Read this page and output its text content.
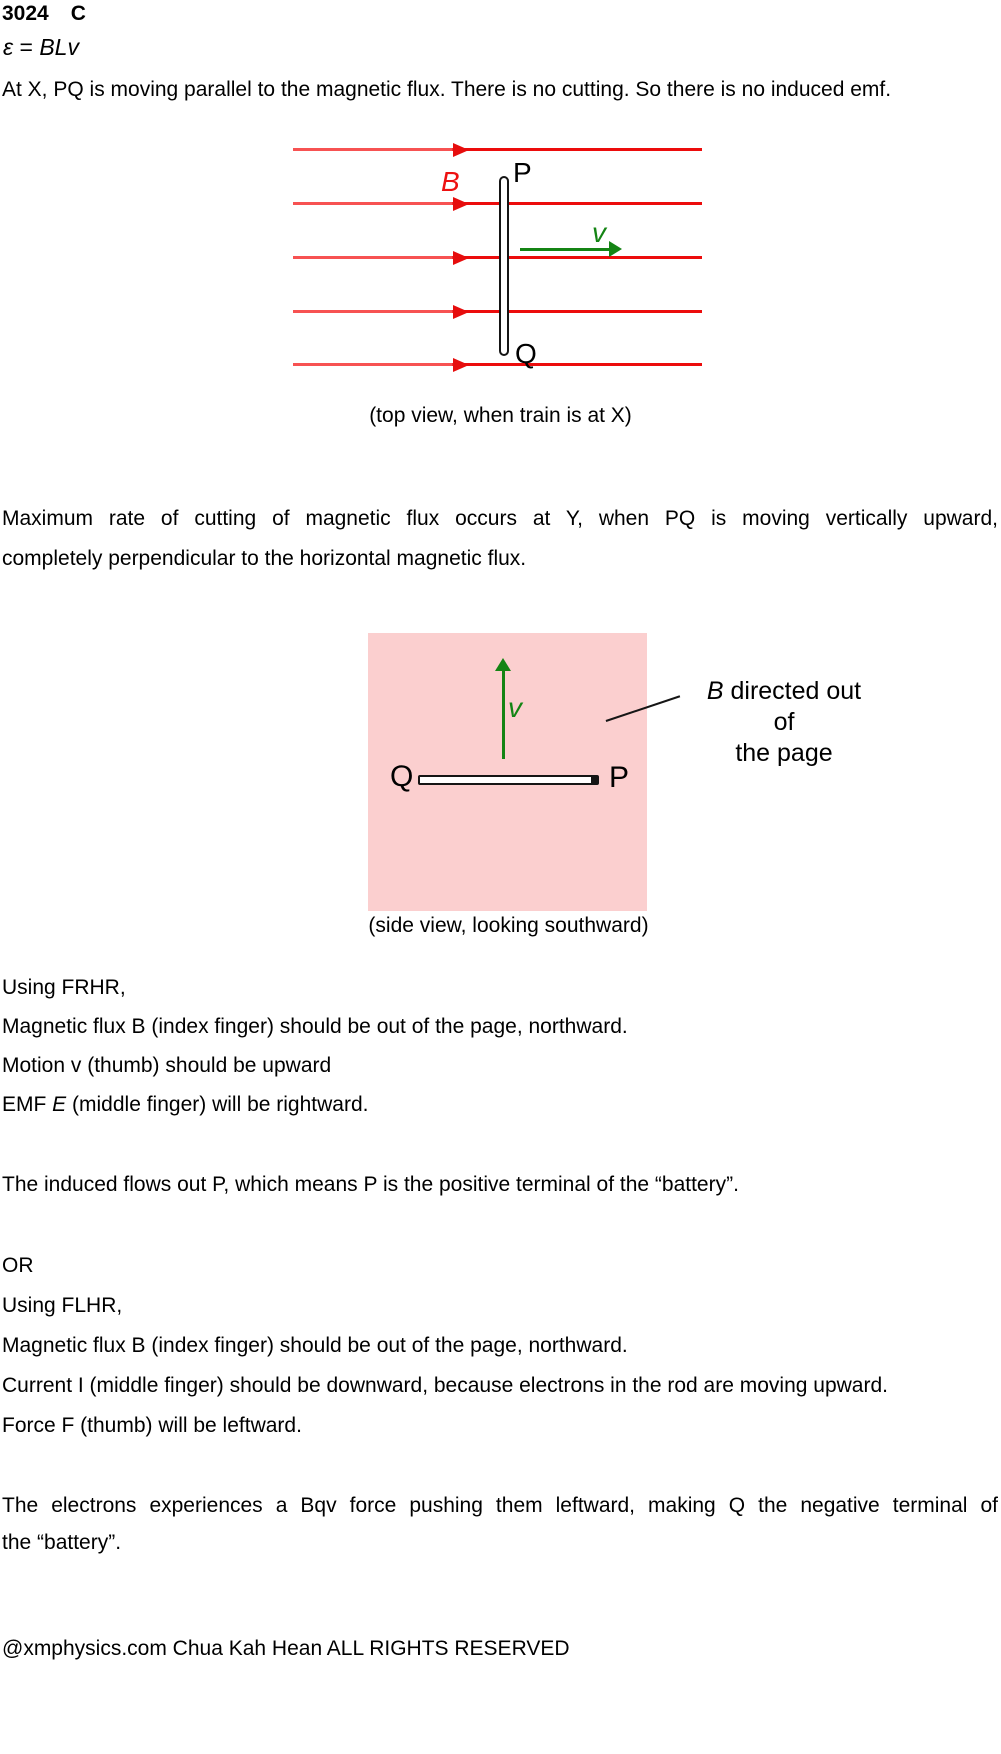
3024 C
ε = BLv
At X, PQ is moving parallel to the magnetic flux. There is no cutting. So there is no induced emf.
B P
Q
v
(top view, when train is at X)
Maximum rate of cutting of magnetic flux occurs at Y, when PQ is moving vertically upward,
completely perpendicular to the horizontal magnetic flux.
v
Q	P
B directed out of
the page
(side view, looking southward)
Using FRHR,
Magnetic flux B (index finger) should be out of the page, northward.
Motion v (thumb) should be upward
EMF E (middle finger) will be rightward.
The induced flows out P, which means P is the positive terminal of the “battery”.
OR
Using FLHR,
Magnetic flux B (index finger) should be out of the page, northward.
Current I (middle finger) should be downward, because electrons in the rod are moving upward.
Force F (thumb) will be leftward.
The electrons experiences a Bqv force pushing them leftward, making Q the negative terminal of
the “battery”.
@xmphysics.com Chua Kah Hean ALL RIGHTS RESERVED
